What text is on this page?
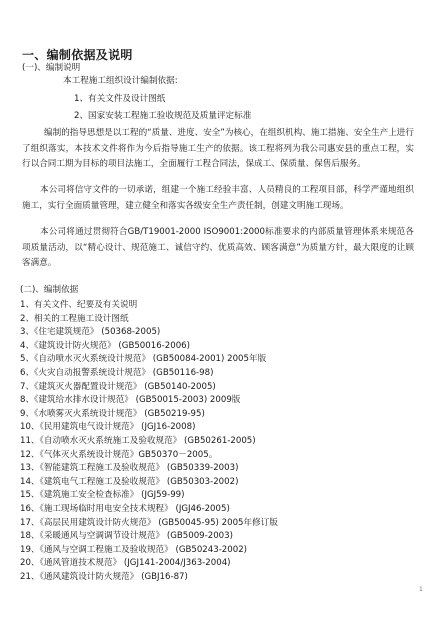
一、编制依据及说明
(一)、编制说明
本工程施工组织设计编制依据:
1、有关文件及设计图纸
2、国家安装工程施工验收规范及质量评定标准
编制的指导思想是以工程的“质量、进度、安全”为核心，在组织机构、施工措施、安全生产上进行了组织落实，本技术文件将作为今后指导施工生产的依据。该工程将列为我公司惠安县的重点工程，实行以合同工期为目标的项目法施工，全面履行工程合同法，保成工、保质量、保售后服务。
本公司将信守文件的一切承诺，组建一个施工经验丰富、人员精良的工程项目部，科学严谨地组织施工，实行全面质量管理，建立健全和落实各级安全生产责任制，创建文明施工现场。
本公司将通过贯彻符合GB/T19001-2000 ISO9001:2000标准要求的内部质量管理体系来规范各项质量活动，以“精心设计、规范施工、诚信守约、优质高效、顾客满意”为质量方针，最大限度的让顾客满意。
(二)、编制依据
1、有关文件、纪要及有关说明
2、相关的工程施工设计图纸
3、《住宅建筑规范》 (50368-2005)
4、《建筑设计防火规范》 (GB50016-2006)
5、《自动喷水灭火系统设计规范》 (GB50084-2001) 2005年版
6、《火灾自动报警系统设计规范》 (GB50116-98)
7、《建筑灭火器配置设计规范》 (GB50140-2005)
8、《建筑给水排水设计规范》 (GB50015-2003) 2009版
9、《水喷雾灭火系统设计规范》 (GB50219-95)
10、《民用建筑电气设计规范》 (JGJ16-2008)
11、《自动喷水灭火系统施工及验收规范》 (GB50261-2005)
12、《气体灭火系统设计规范》GB50370－2005。
13、《智能建筑工程施工及验收规范》 (GB50339-2003)
14、《建筑电气工程施工及验收规范》 (GB50303-2002)
15、《建筑施工安全检查标准》 (JGJ59-99)
16、《施工现场临时用电安全技术规程》 (JGJ46-2005)
17、《高层民用建筑设计防火规范》 (GB50045-95) 2005年修订版
18、《采暖通风与空调调节设计规范》 (GB5009-2003)
19、《通风与空调工程施工及验收规范》 (GB50243-2002)
20、《通风管道技术规范》 (JGJ141-2004/J363-2004)
21、《通风建筑设计防火规范》 (GBJ16-87)
1
